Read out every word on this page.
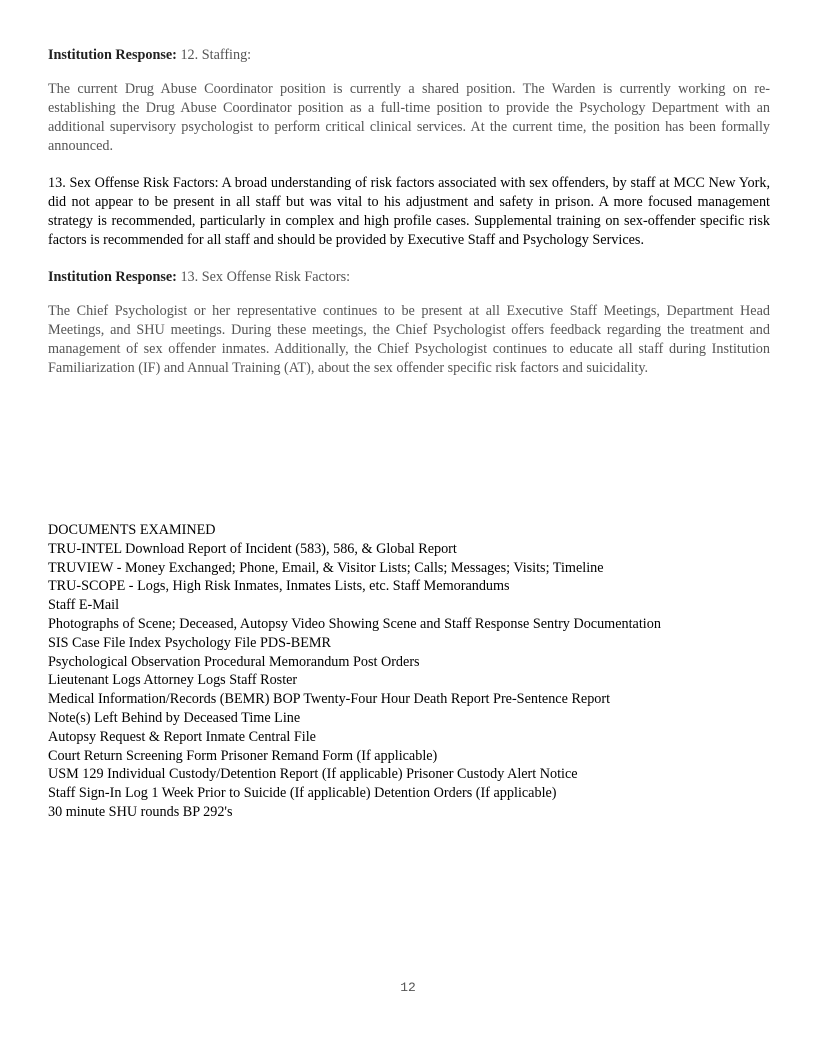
Institution Response: 12. Staffing:

The current Drug Abuse Coordinator position is currently a shared position. The Warden is currently working on re-establishing the Drug Abuse Coordinator position as a full-time position to provide the Psychology Department with an additional supervisory psychologist to perform critical clinical services. At the current time, the position has been formally announced.

13. Sex Offense Risk Factors: A broad understanding of risk factors associated with sex offenders, by staff at MCC New York, did not appear to be present in all staff but was vital to his adjustment and safety in prison. A more focused management strategy is recommended, particularly in complex and high profile cases. Supplemental training on sex-offender specific risk factors is recommended for all staff and should be provided by Executive Staff and Psychology Services.

Institution Response: 13. Sex Offense Risk Factors:

The Chief Psychologist or her representative continues to be present at all Executive Staff Meetings, Department Head Meetings, and SHU meetings. During these meetings, the Chief Psychologist offers feedback regarding the treatment and management of sex offender inmates. Additionally, the Chief Psychologist continues to educate all staff during Institution Familiarization (IF) and Annual Training (AT), about the sex offender specific risk factors and suicidality.

DOCUMENTS EXAMINED
TRU-INTEL Download Report of Incident (583), 586, & Global Report
TRUVIEW - Money Exchanged; Phone, Email, & Visitor Lists; Calls; Messages; Visits; Timeline
TRU-SCOPE - Logs, High Risk Inmates, Inmates Lists, etc. Staff Memorandums
Staff E-Mail
Photographs of Scene; Deceased, Autopsy Video Showing Scene and Staff Response Sentry Documentation
SIS Case File Index Psychology File PDS-BEMR
Psychological Observation Procedural Memorandum Post Orders
Lieutenant Logs Attorney Logs Staff Roster
Medical Information/Records (BEMR) BOP Twenty-Four Hour Death Report Pre-Sentence Report
Note(s) Left Behind by Deceased Time Line
Autopsy Request & Report Inmate Central File
Court Return Screening Form Prisoner Remand Form (If applicable)
USM 129 Individual Custody/Detention Report (If applicable) Prisoner Custody Alert Notice
Staff Sign-In Log 1 Week Prior to Suicide (If applicable) Detention Orders (If applicable)
30 minute SHU rounds BP 292's
12
